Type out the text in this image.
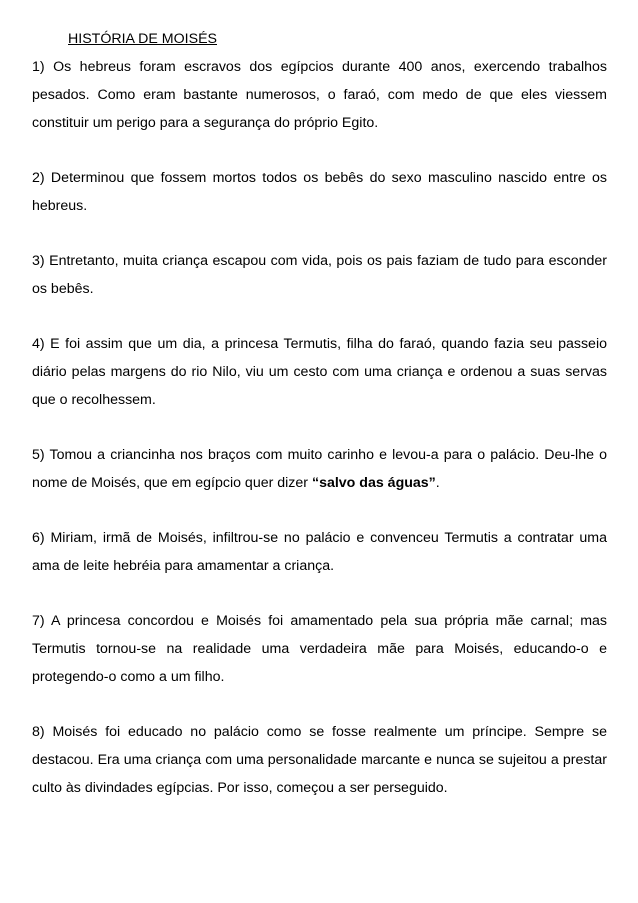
HISTÓRIA DE MOISÉS

1) Os hebreus foram escravos dos egípcios durante 400 anos, exercendo trabalhos pesados. Como eram bastante numerosos, o faraó, com medo de que eles viessem constituir um perigo para a segurança do próprio Egito.

2) Determinou que fossem mortos todos os bebês do sexo masculino nascido entre os hebreus.

3) Entretanto, muita criança escapou com vida, pois os pais faziam de tudo para esconder os bebês.

4) E foi assim que um dia, a princesa Termutis, filha do faraó, quando fazia seu passeio diário pelas margens do rio Nilo, viu um cesto com uma criança e ordenou a suas servas que o recolhessem.

5) Tomou a criancinha nos braços com muito carinho e levou-a para o palácio. Deu-lhe o nome de Moisés, que em egípcio quer dizer “salvo das águas”.

6) Miriam, irmã de Moisés, infiltrou-se no palácio e convenceu Termutis a contratar uma ama de leite hebréia para amamentar a criança.

7) A princesa concordou e Moisés foi amamentado pela sua própria mãe carnal; mas Termutis tornou-se na realidade uma verdadeira mãe para Moisés, educando-o e protegendo-o como a um filho.

8) Moisés foi educado no palácio como se fosse realmente um príncipe. Sempre se destacou. Era uma criança com uma personalidade marcante e nunca se sujeitou a prestar culto às divindades egípcias. Por isso, começou a ser perseguido.
